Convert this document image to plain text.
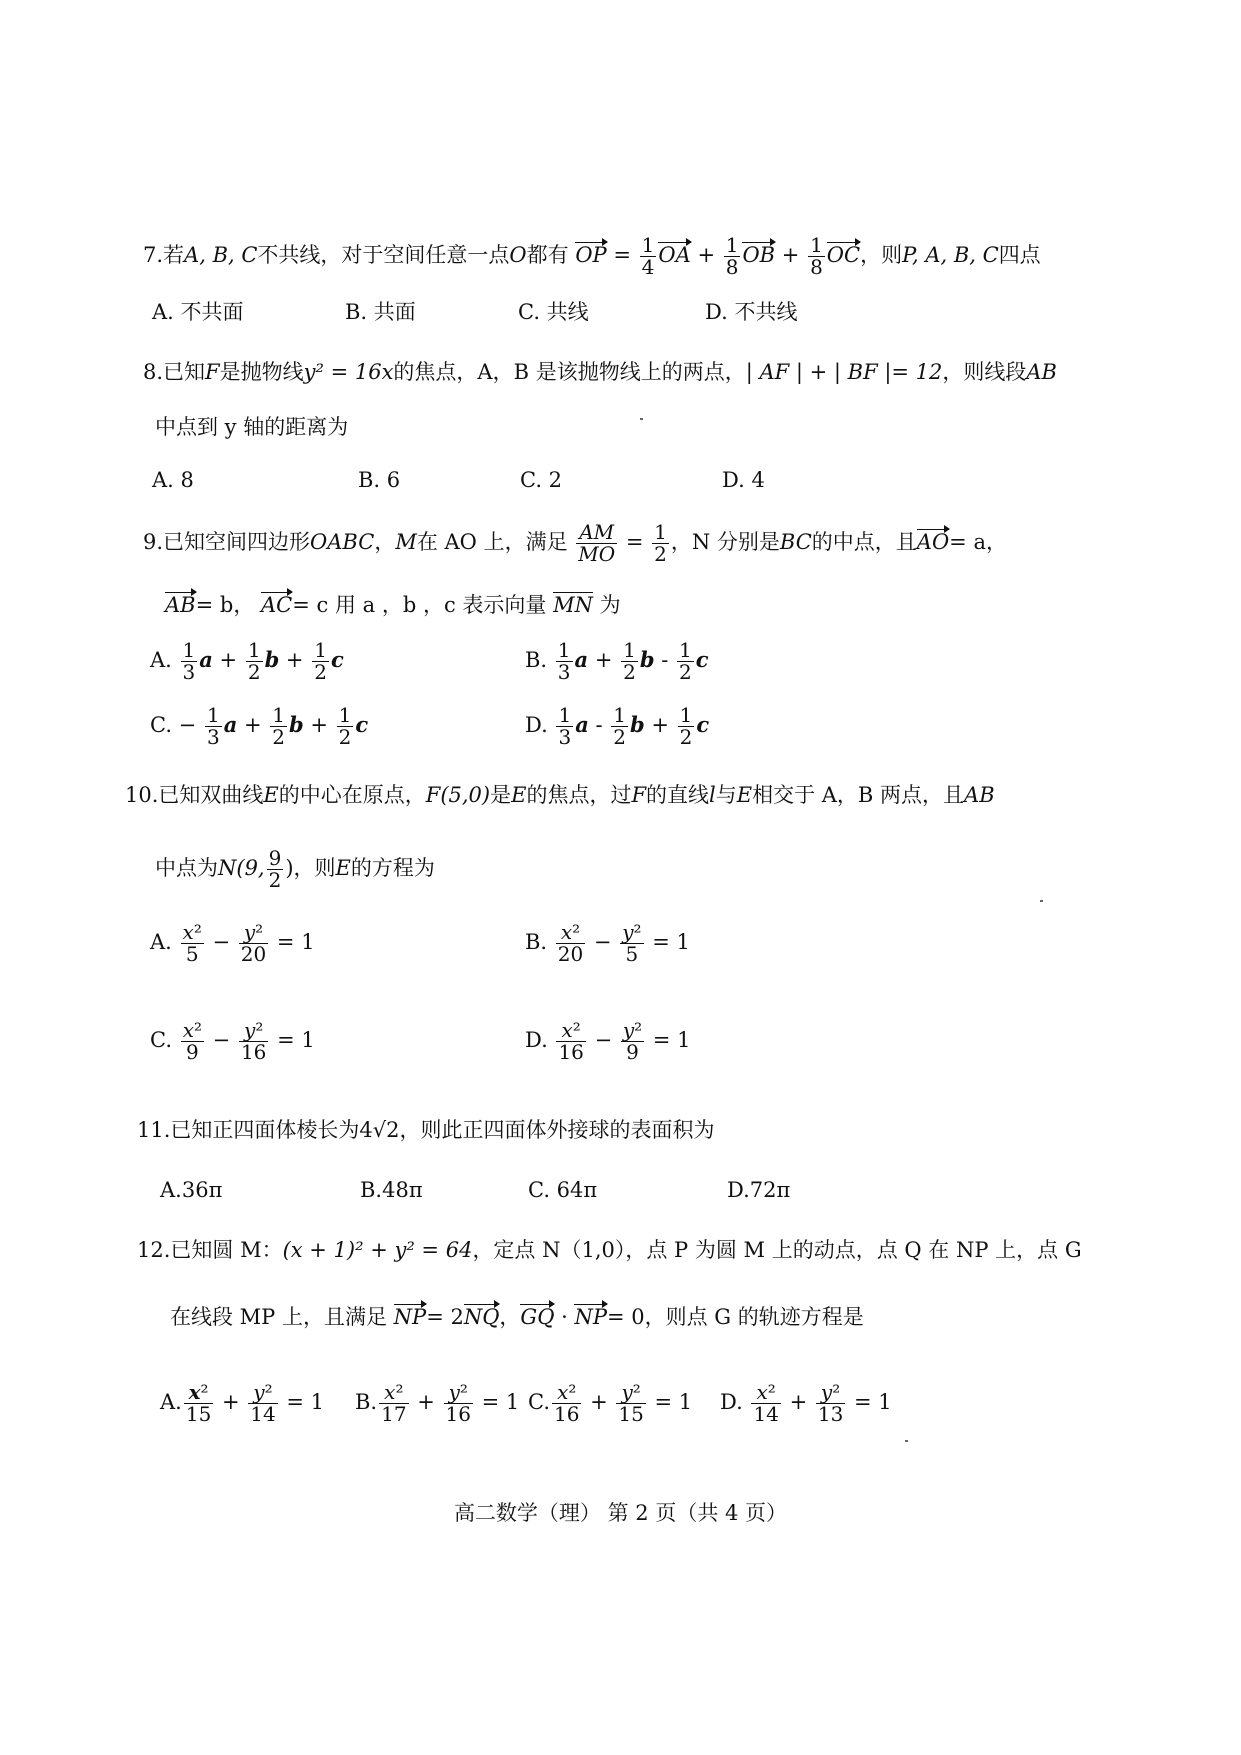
7.若A, B, C不共线，对于空间任意一点O都有 OP = $\frac{1}{4}$ OA + $\frac{1}{8}$ OB + $\frac{1}{8}$ OC，则P, A, B, C四点
A. 不共面	B. 共面	C. 共线	D. 不共线
8.已知F是抛物线y² = 16x的焦点，A，B 是该抛物线上的两点，| AF | + | BF |= 12，则线段AB
中点到 y 轴的距离为
A. 8	B. 6	C. 2	D. 4
9.已知空间四边形OABC，M在 AO 上，满足 $\frac{AM}{MO} = \frac{1}{2}$ ，N 分别是BC的中点，且AO= a，
AB= b， AC= c 用 a ，b ，c 表示向量 MN 为
A. $\frac{1}{3}$ $a + \frac{1}{2}$ $b + \frac{1}{2}$ c	B. $\frac{1}{3}$ $a + \frac{1}{2}$ b - $\frac{1}{2}$ c
C. − $\frac{1}{3}$ $a + \frac{1}{2}$ $b + \frac{1}{2}$ c	D. $\frac{1}{3}$ a - $\frac{1}{2}$ $b + \frac{1}{2}$ c
10.已知双曲线E的中心在原点，F(5,0)是E的焦点，过F的直线l与E相交于 A，B 两点，且AB
中点为N(9, $\frac{9}{2}$ )，则E的方程为
A. $\frac{\text{x²}}{5} - \frac{\text{y²}}{20} = 1$	B. $\frac{\text{x²}}{20} - \frac{\text{y²}}{5} = 1$
C. $\frac{\text{x²}}{9} - \frac{\text{y²}}{16} = 1$	D. $\frac{\text{x²}}{16} - \frac{\text{y²}}{9} = 1$
11.已知正四面体棱长为4√2，则此正四面体外接球的表面积为
A.36π	B.48π	C. 64π	D.72π
12.已知圆 M：(x + 1)² + y² = 64，定点 N（1,0），点 P 为圆 M 上的动点，点 Q 在 NP 上，点 G
在线段 MP 上，且满足 NP= 2NQ，GQ · NP= 0，则点 G 的轨迹方程是
A. $\frac{\text{x²}}{15} + \frac{\text{y²}}{14} = 1$ B. $\frac{\text{x²}}{17} + \frac{\text{y²}}{16} = 1$ C. $\frac{\text{x²}}{16} + \frac{\text{y²}}{15} = 1$ D. $\frac{\text{x²}}{14} + \frac{\text{y²}}{13} = 1$
高二数学（理） 第 2 页（共 4 页）
